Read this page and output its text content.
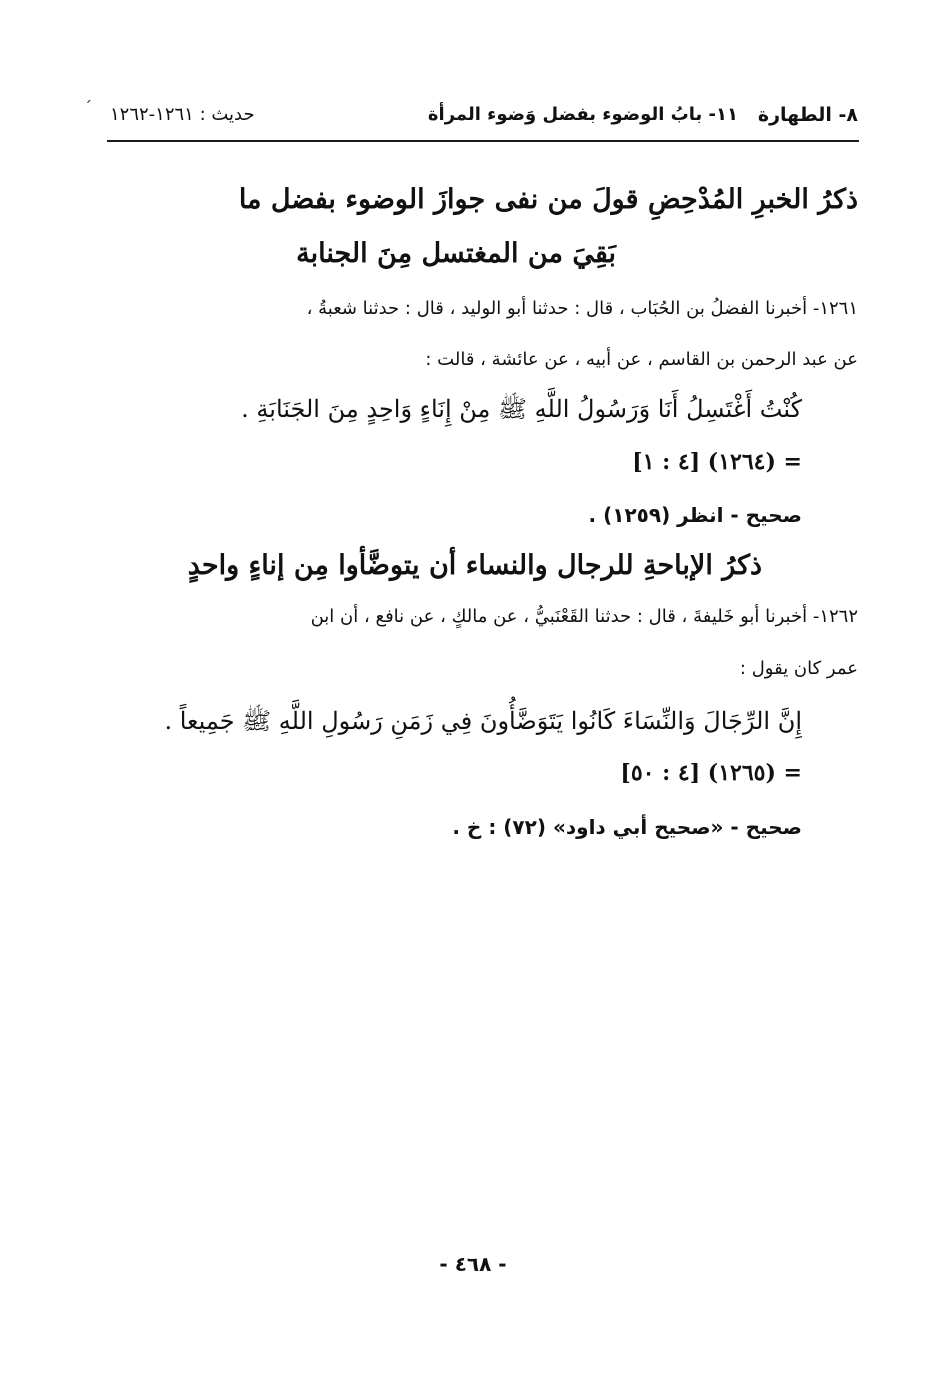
٨- الطهارة
١١- بابُ الوضوء بفضل وَضوء المرأة
حديث : ١٢٦١-١٢٦٢
ˊ
ذكرُ الخبرِ المُدْحِضِ قولَ من نفى جوازَ الوضوء بفضل ما
بَقِيَ من المغتسل مِنَ الجنابة
١٢٦١- أخبرنا الفضلُ بن الحُبَاب ، قال : حدثنا أبو الوليد ، قال : حدثنا شعبةُ ،
عن عبد الرحمن بن القاسم ، عن أبيه ، عن عائشة ، قالت :
كُنْتُ أَغْتَسِلُ أَنَا وَرَسُولُ اللَّهِ ﷺ مِنْ إِنَاءٍ وَاحِدٍ مِنَ الجَنَابَةِ .
= (١٢٦٤) [٤ : ١]
صحيح - انظر (١٢٥٩) .
ذكرُ الإباحةِ للرجال والنساء أن يتوضَّأوا مِن إناءٍ واحدٍ
١٢٦٢- أخبرنا أبو خَليفةَ ، قال : حدثنا القَعْنَبيُّ ، عن مالكٍ ، عن نافع ، أن ابن
عمر كان يقول :
إِنَّ الرِّجَالَ وَالنِّسَاءَ كَانُوا يَتَوَضَّأُونَ فِي زَمَنِ رَسُولِ اللَّهِ ﷺ جَمِيعاً .
= (١٢٦٥) [٤ : ٥٠]
صحيح - «صحيح أبي داود» (٧٢) : خ .
- ٤٦٨ -
